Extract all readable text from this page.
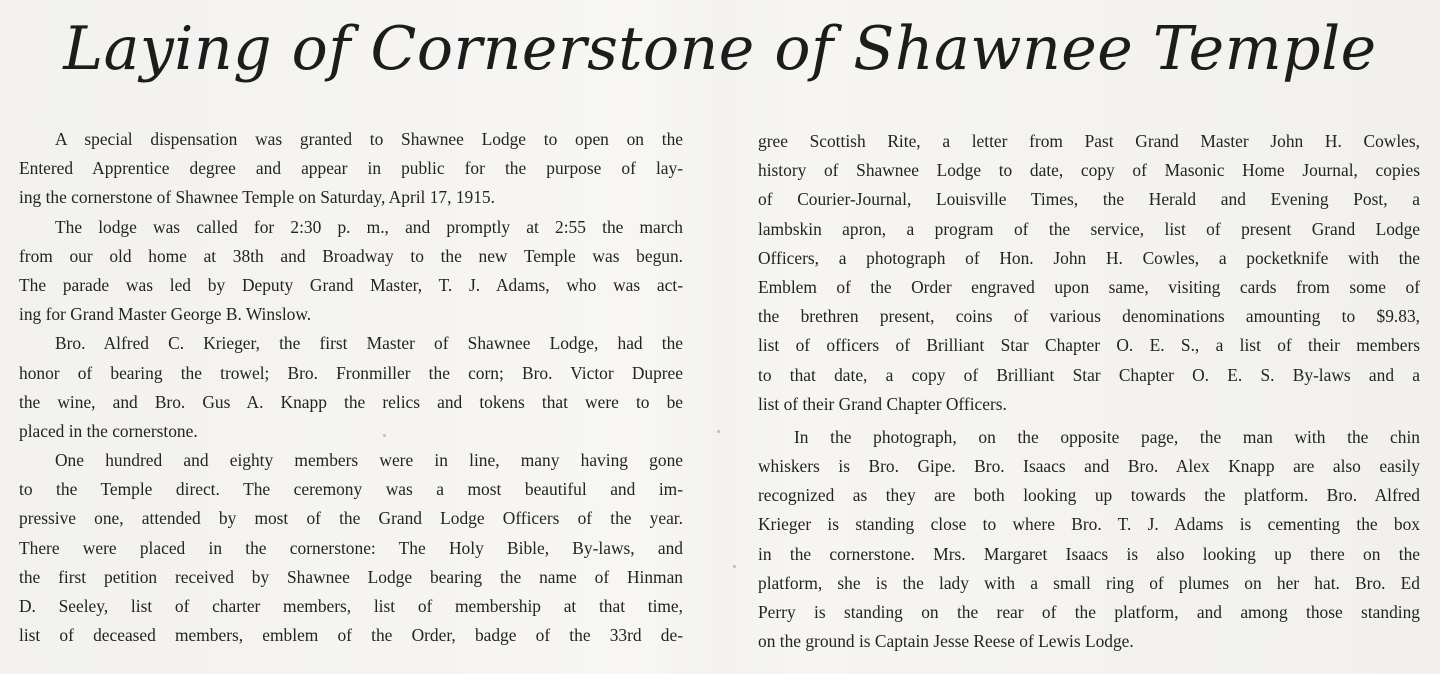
Laying of Cornerstone of Shawnee Temple
A special dispensation was granted to Shawnee Lodge to open on the
Entered Apprentice degree and appear in public for the purpose of lay-
ing the cornerstone of Shawnee Temple on Saturday, April 17, 1915.
The lodge was called for 2:30 p. m., and promptly at 2:55 the march
from our old home at 38th and Broadway to the new Temple was begun.
The parade was led by Deputy Grand Master, T. J. Adams, who was act-
ing for Grand Master George B. Winslow.
Bro. Alfred C. Krieger, the first Master of Shawnee Lodge, had the
honor of bearing the trowel; Bro. Fronmiller the corn; Bro. Victor Dupree
the wine, and Bro. Gus A. Knapp the relics and tokens that were to be
placed in the cornerstone.
One hundred and eighty members were in line, many having gone
to the Temple direct. The ceremony was a most beautiful and im-
pressive one, attended by most of the Grand Lodge Officers of the year.
There were placed in the cornerstone: The Holy Bible, By-laws, and
the first petition received by Shawnee Lodge bearing the name of Hinman
D. Seeley, list of charter members, list of membership at that time,
list of deceased members, emblem of the Order, badge of the 33rd de-
gree Scottish Rite, a letter from Past Grand Master John H. Cowles,
history of Shawnee Lodge to date, copy of Masonic Home Journal, copies
of Courier-Journal, Louisville Times, the Herald and Evening Post, a
lambskin apron, a program of the service, list of present Grand Lodge
Officers, a photograph of Hon. John H. Cowles, a pocketknife with the
Emblem of the Order engraved upon same, visiting cards from some of
the brethren present, coins of various denominations amounting to $9.83,
list of officers of Brilliant Star Chapter O. E. S., a list of their members
to that date, a copy of Brilliant Star Chapter O. E. S. By-laws and a
list of their Grand Chapter Officers.
In the photograph, on the opposite page, the man with the chin
whiskers is Bro. Gipe. Bro. Isaacs and Bro. Alex Knapp are also easily
recognized as they are both looking up towards the platform. Bro. Alfred
Krieger is standing close to where Bro. T. J. Adams is cementing the box
in the cornerstone. Mrs. Margaret Isaacs is also looking up there on the
platform, she is the lady with a small ring of plumes on her hat. Bro. Ed
Perry is standing on the rear of the platform, and among those standing
on the ground is Captain Jesse Reese of Lewis Lodge.
